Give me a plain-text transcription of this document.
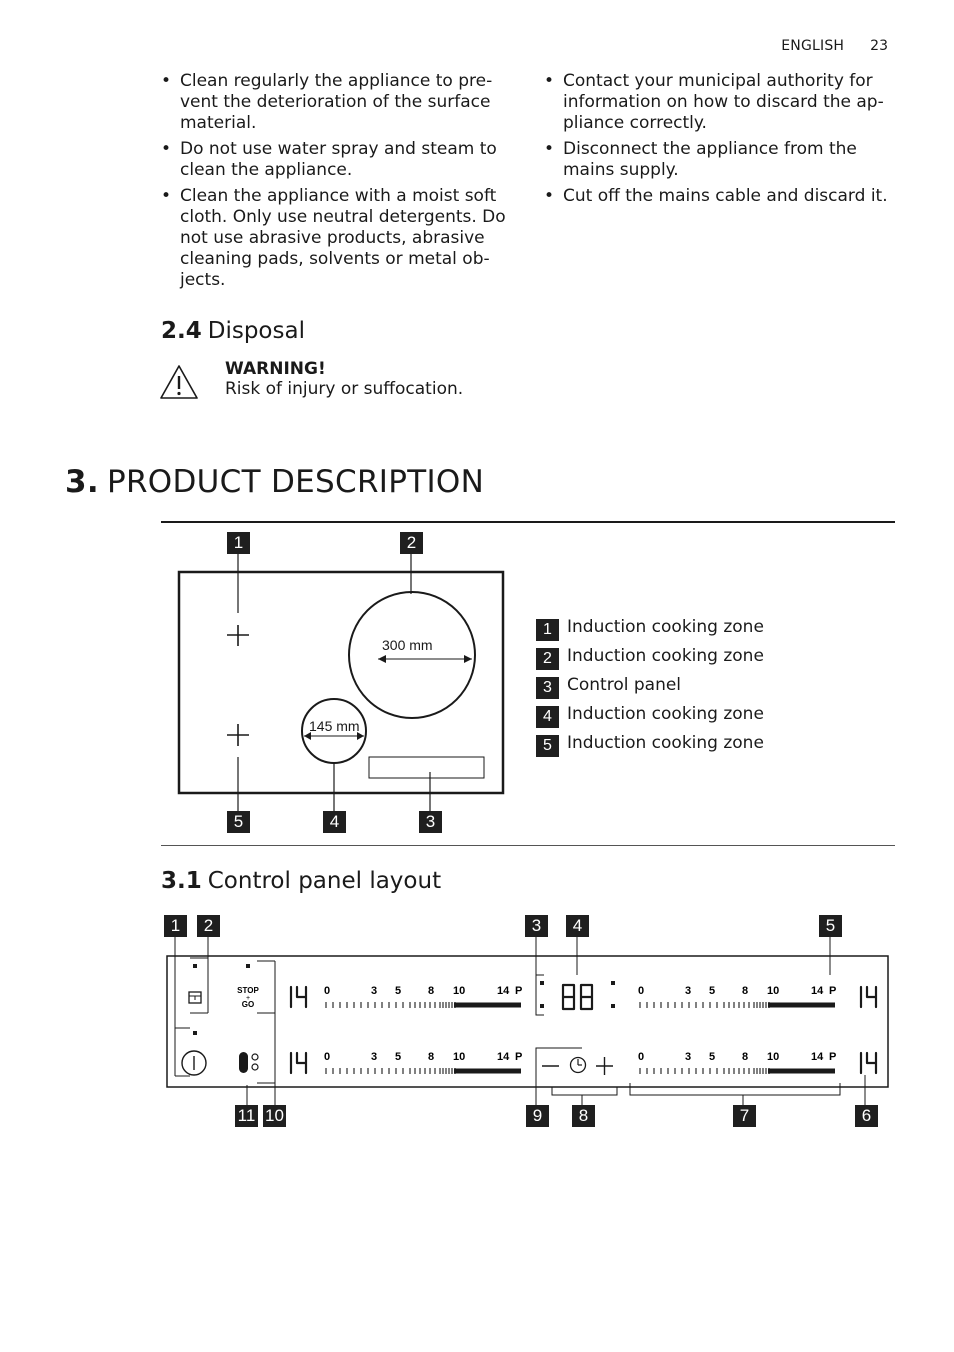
ENGLISH 23
• Clean regularly the appliance to pre- vent the deterioration of the surface material.
• Do not use water spray and steam to clean the appliance.
• Clean the appliance with a moist soft cloth. Only use neutral detergents. Do not use abrasive products, abrasive cleaning pads, solvents or metal ob- jects.
• Contact your municipal authority for information on how to discard the ap- pliance correctly.
• Disconnect the appliance from the mains supply.
• Cut off the mains cable and discard it.
2.4 Disposal
WARNING!
Risk of injury or suffocation.
3. PRODUCT DESCRIPTION
300 mm
145 mm
1	2
5	4	3
1 Induction cooking zone
2 Induction cooking zone
3 Control panel
4 Induction cooking zone
5 Induction cooking zone
3.1 Control panel layout
1	2	3	4	5
11 10	9	8	7	6
STOP
+
GO
0	3 5 8 10	14 P
0	3 5 8 10	14 P
0	3 5 8 10	14 P
0	3 5 8 10	14 P
